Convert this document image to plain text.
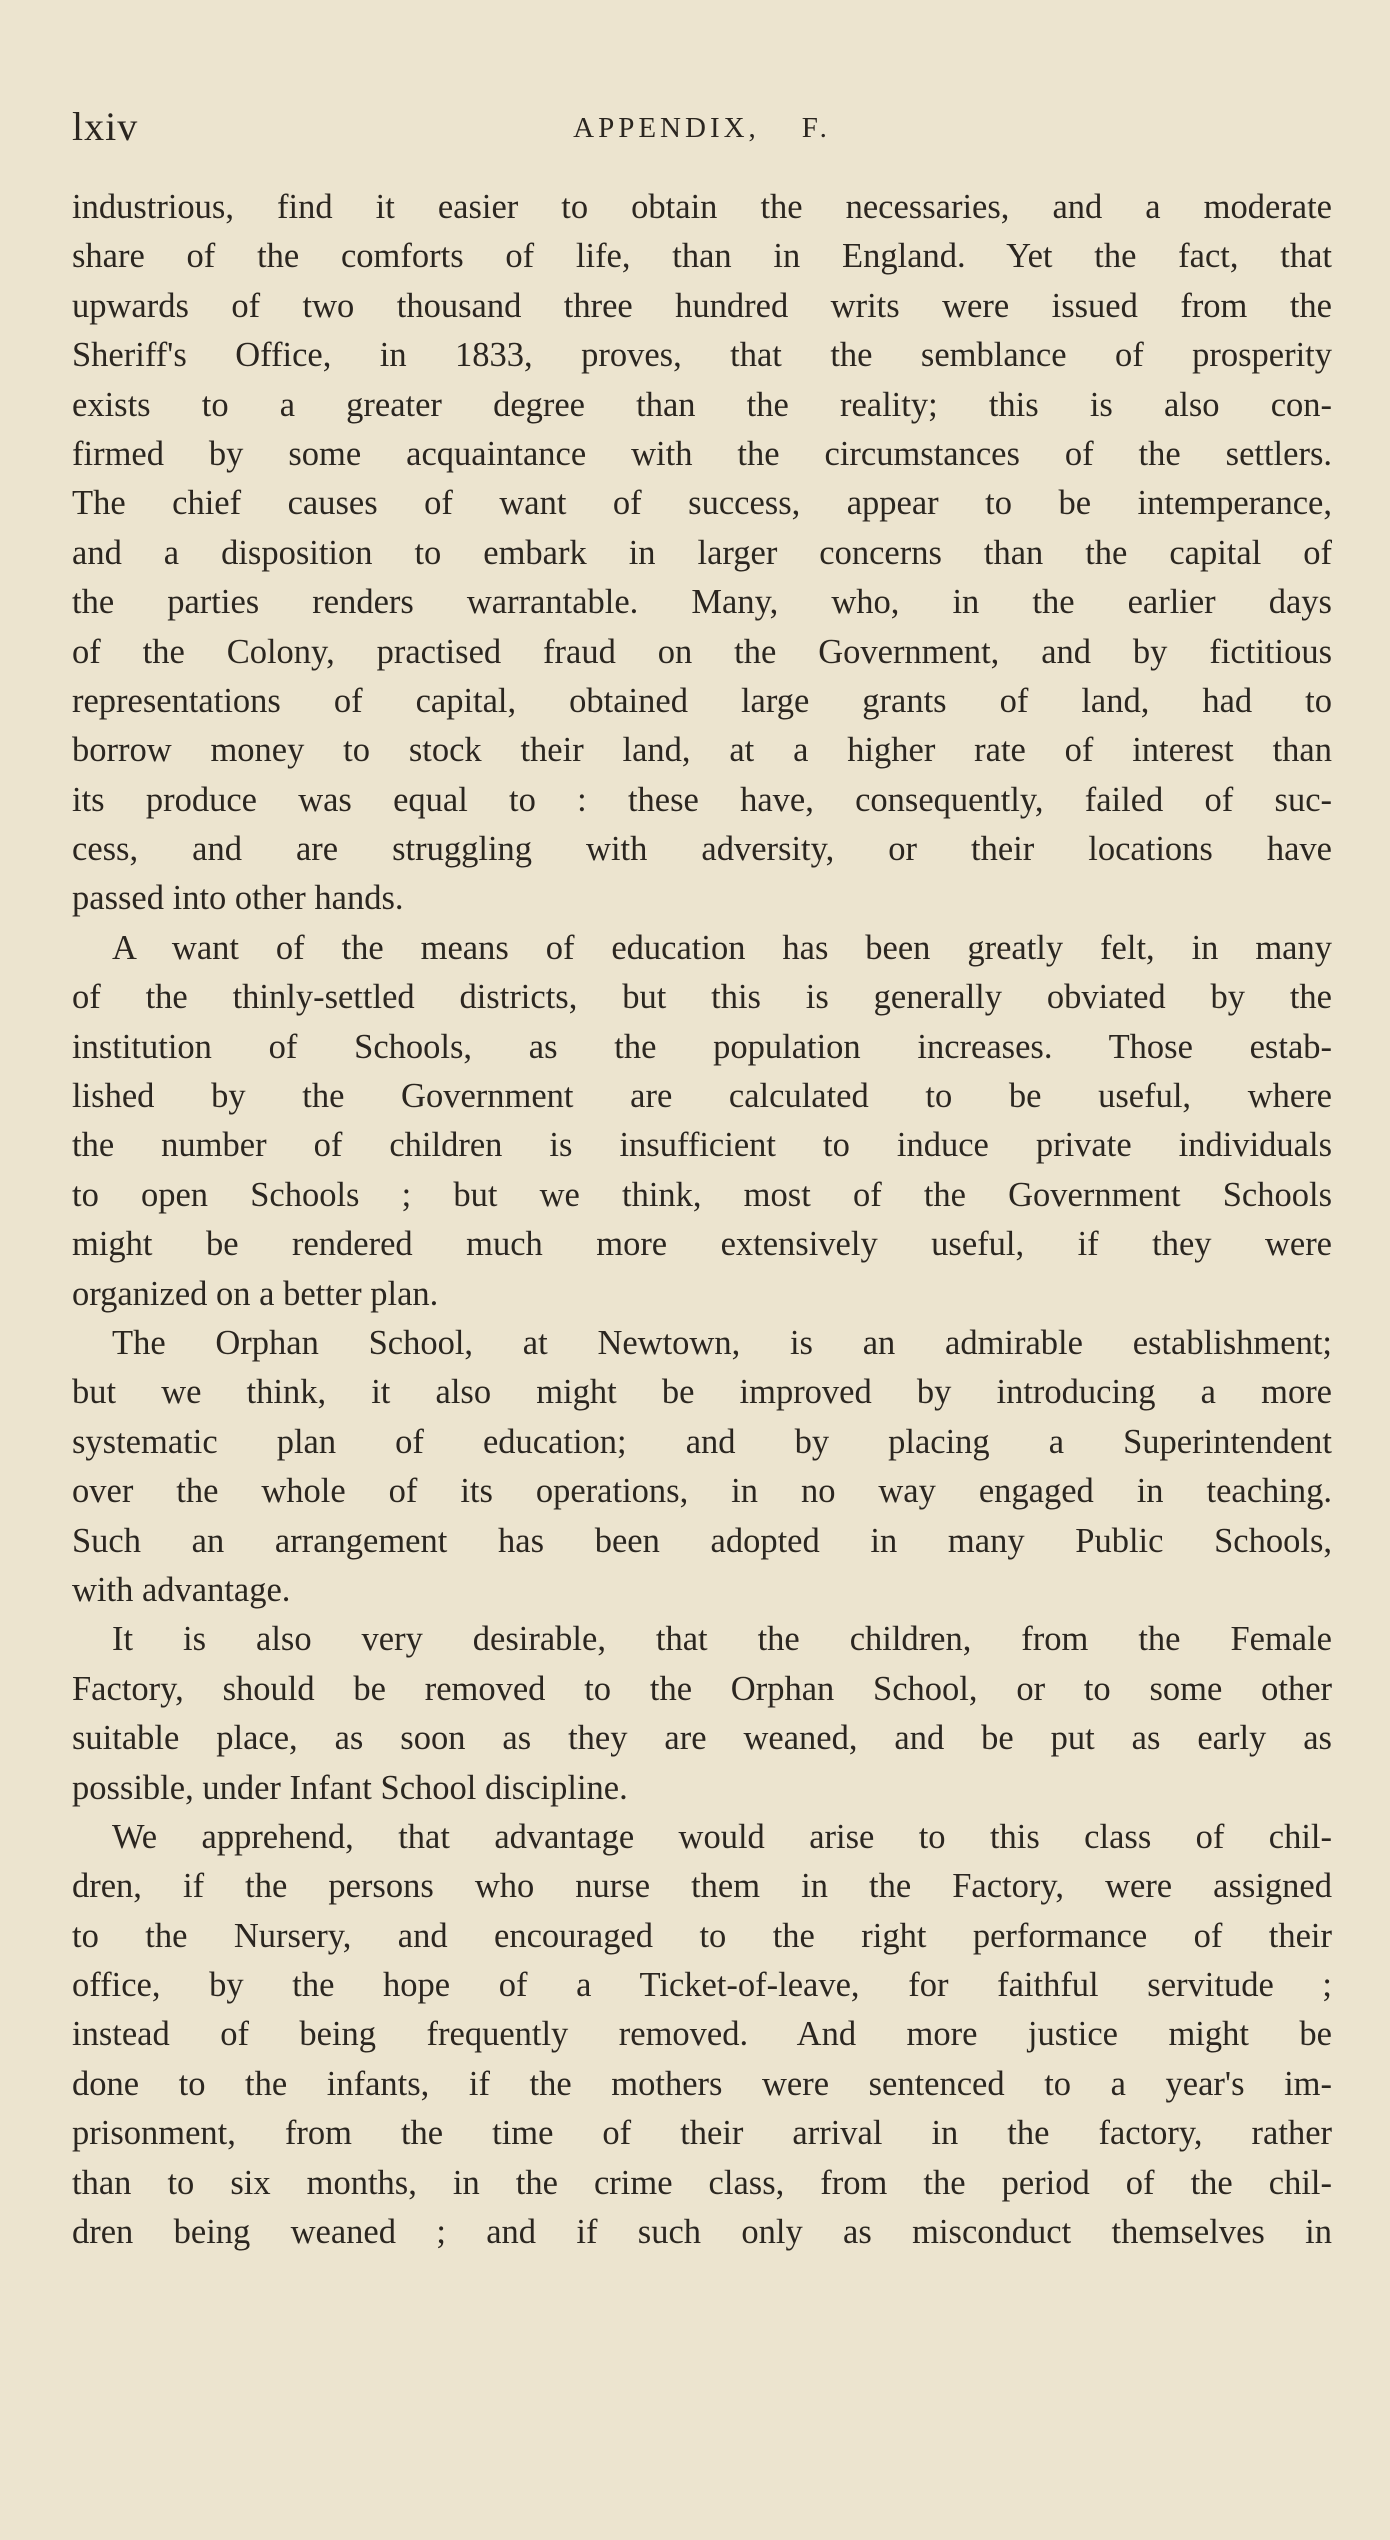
lxiv	APPENDIX, F.
industrious, find it easier to obtain the necessaries, and a moderate
share of the comforts of life, than in England. Yet the fact, that
upwards of two thousand three hundred writs were issued from the
Sheriff's Office, in 1833, proves, that the semblance of prosperity
exists to a greater degree than the reality; this is also con-
firmed by some acquaintance with the circumstances of the settlers.
The chief causes of want of success, appear to be intemperance,
and a disposition to embark in larger concerns than the capital of
the parties renders warrantable. Many, who, in the earlier days
of the Colony, practised fraud on the Government, and by fictitious
representations of capital, obtained large grants of land, had to
borrow money to stock their land, at a higher rate of interest than
its produce was equal to : these have, consequently, failed of suc-
cess, and are struggling with adversity, or their locations have
passed into other hands.
A want of the means of education has been greatly felt, in many
of the thinly-settled districts, but this is generally obviated by the
institution of Schools, as the population increases. Those estab-
lished by the Government are calculated to be useful, where
the number of children is insufficient to induce private individuals
to open Schools ; but we think, most of the Government Schools
might be rendered much more extensively useful, if they were
organized on a better plan.
The Orphan School, at Newtown, is an admirable establishment;
but we think, it also might be improved by introducing a more
systematic plan of education; and by placing a Superintendent
over the whole of its operations, in no way engaged in teaching.
Such an arrangement has been adopted in many Public Schools,
with advantage.
It is also very desirable, that the children, from the Female
Factory, should be removed to the Orphan School, or to some other
suitable place, as soon as they are weaned, and be put as early as
possible, under Infant School discipline.
We apprehend, that advantage would arise to this class of chil-
dren, if the persons who nurse them in the Factory, were assigned
to the Nursery, and encouraged to the right performance of their
office, by the hope of a Ticket-of-leave, for faithful servitude ;
instead of being frequently removed. And more justice might be
done to the infants, if the mothers were sentenced to a year's im-
prisonment, from the time of their arrival in the factory, rather
than to six months, in the crime class, from the period of the chil-
dren being weaned ; and if such only as misconduct themselves in
